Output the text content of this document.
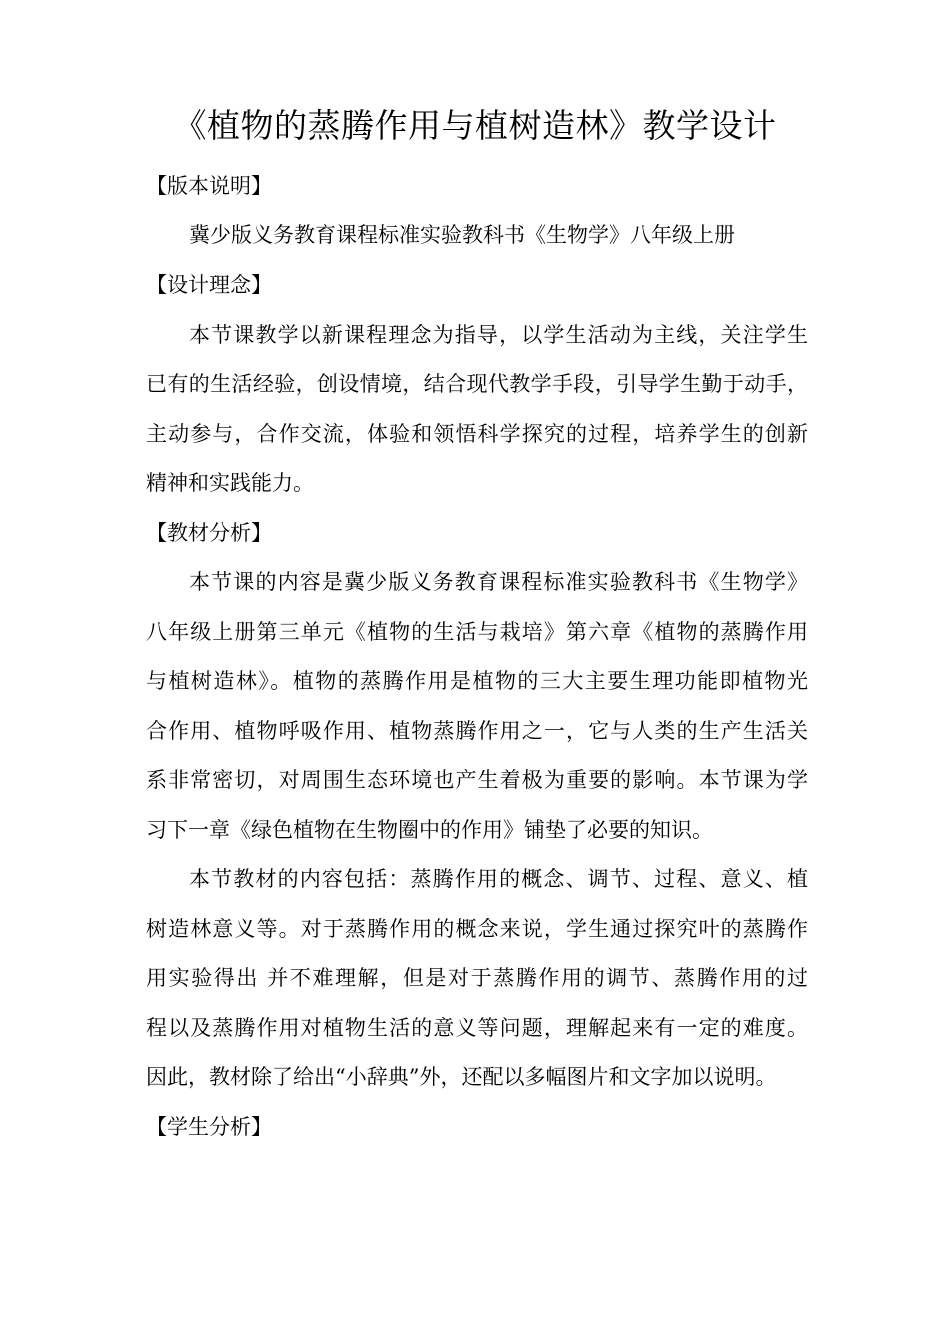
《植物的蒸腾作用与植树造林》教学设计
【版本说明】

冀少版义务教育课程标准实验教科书《生物学》八年级上册

【设计理念】

本节课教学以新课程理念为指导，以学生活动为主线，关注学生

已有的生活经验，创设情境，结合现代教学手段，引导学生勤于动手，

主动参与，合作交流，体验和领悟科学探究的过程，培养学生的创新

精神和实践能力。

【教材分析】

本节课的内容是冀少版义务教育课程标准实验教科书《生物学》

八年级上册第三单元《植物的生活与栽培》第六章《植物的蒸腾作用

与植树造林》。植物的蒸腾作用是植物的三大主要生理功能即植物光

合作用、植物呼吸作用、植物蒸腾作用之一，它与人类的生产生活关

系非常密切，对周围生态环境也产生着极为重要的影响。本节课为学

习下一章《绿色植物在生物圈中的作用》铺垫了必要的知识。

本节教材的内容包括：蒸腾作用的概念、调节、过程、意义、植

树造林意义等。对于蒸腾作用的概念来说，学生通过探究叶的蒸腾作

用实验得出 并不难理解，但是对于蒸腾作用的调节、蒸腾作用的过

程以及蒸腾作用对植物生活的意义等问题，理解起来有一定的难度。

因此，教材除了给出“小辞典”外，还配以多幅图片和文字加以说明。

【学生分析】
